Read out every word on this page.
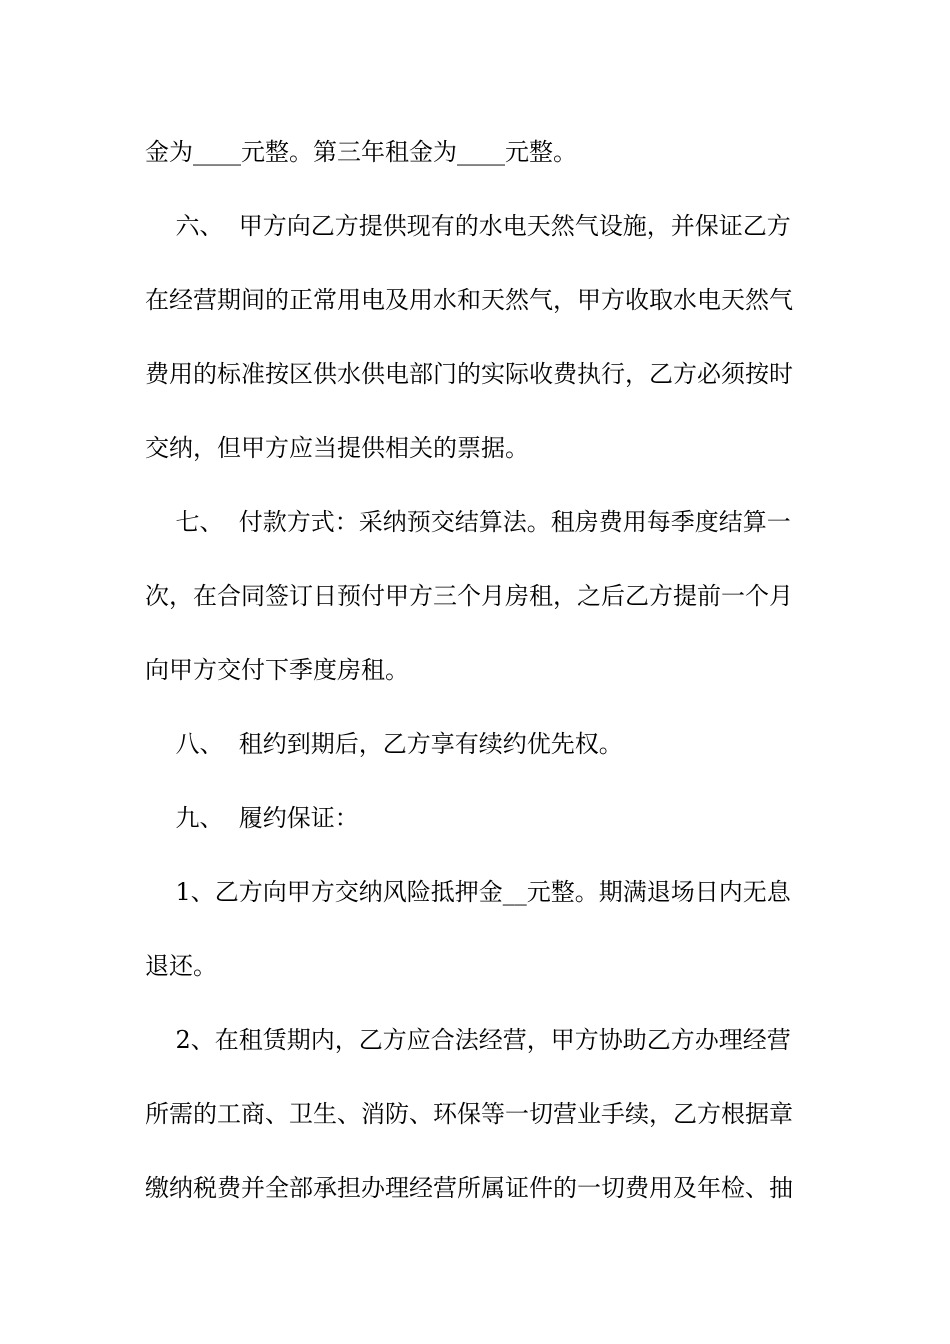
金为____元整。第三年租金为____元整。
六、  甲方向乙方提供现有的水电天然气设施，并保证乙方
在经营期间的正常用电及用水和天然气，甲方收取水电天然气
费用的标准按区供水供电部门的实际收费执行，乙方必须按时
交纳，但甲方应当提供相关的票据。
七、  付款方式：采纳预交结算法。租房费用每季度结算一
次，在合同签订日预付甲方三个月房租，之后乙方提前一个月
向甲方交付下季度房租。
八、  租约到期后，乙方享有续约优先权。
九、  履约保证：
1、乙方向甲方交纳风险抵押金__元整。期满退场日内无息
退还。
2、在租赁期内，乙方应合法经营，甲方协助乙方办理经营
所需的工商、卫生、消防、环保等一切营业手续，乙方根据章
缴纳税费并全部承担办理经营所属证件的一切费用及年检、抽
